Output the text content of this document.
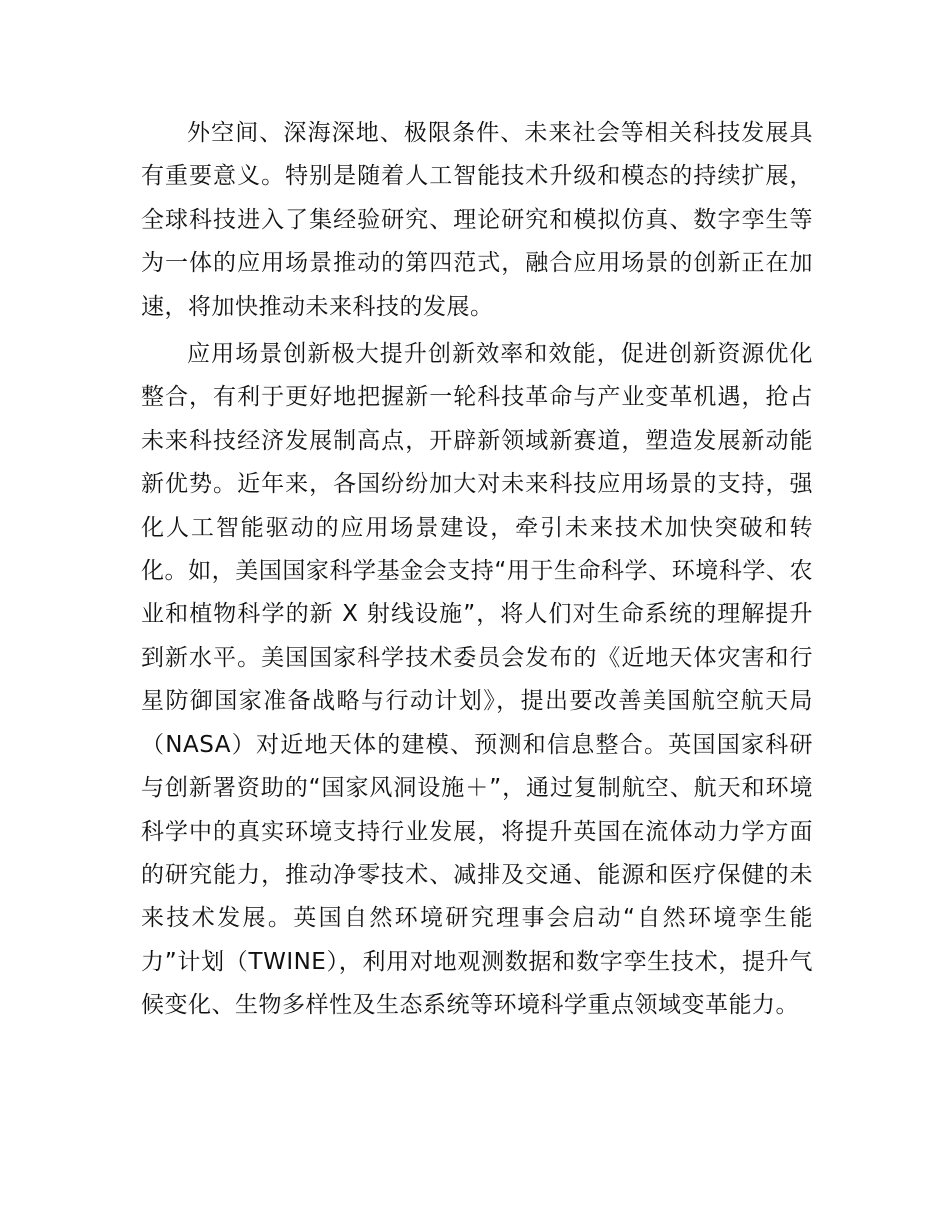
外空间、深海深地、极限条件、未来社会等相关科技发展具有重要意义。特别是随着人工智能技术升级和模态的持续扩展，全球科技进入了集经验研究、理论研究和模拟仿真、数字孪生等为一体的应用场景推动的第四范式，融合应用场景的创新正在加速，将加快推动未来科技的发展。

应用场景创新极大提升创新效率和效能，促进创新资源优化整合，有利于更好地把握新一轮科技革命与产业变革机遇，抢占未来科技经济发展制高点，开辟新领域新赛道，塑造发展新动能新优势。近年来，各国纷纷加大对未来科技应用场景的支持，强化人工智能驱动的应用场景建设，牵引未来技术加快突破和转化。如，美国国家科学基金会支持“用于生命科学、环境科学、农业和植物科学的新 X 射线设施”，将人们对生命系统的理解提升到新水平。美国国家科学技术委员会发布的《近地天体灾害和行星防御国家准备战略与行动计划》，提出要改善美国航空航天局（NASA）对近地天体的建模、预测和信息整合。英国国家科研与创新署资助的“国家风洞设施＋”，通过复制航空、航天和环境科学中的真实环境支持行业发展，将提升英国在流体动力学方面的研究能力，推动净零技术、减排及交通、能源和医疗保健的未来技术发展。英国自然环境研究理事会启动“自然环境孪生能力”计划（TWINE），利用对地观测数据和数字孪生技术，提升气候变化、生物多样性及生态系统等环境科学重点领域变革能力。
